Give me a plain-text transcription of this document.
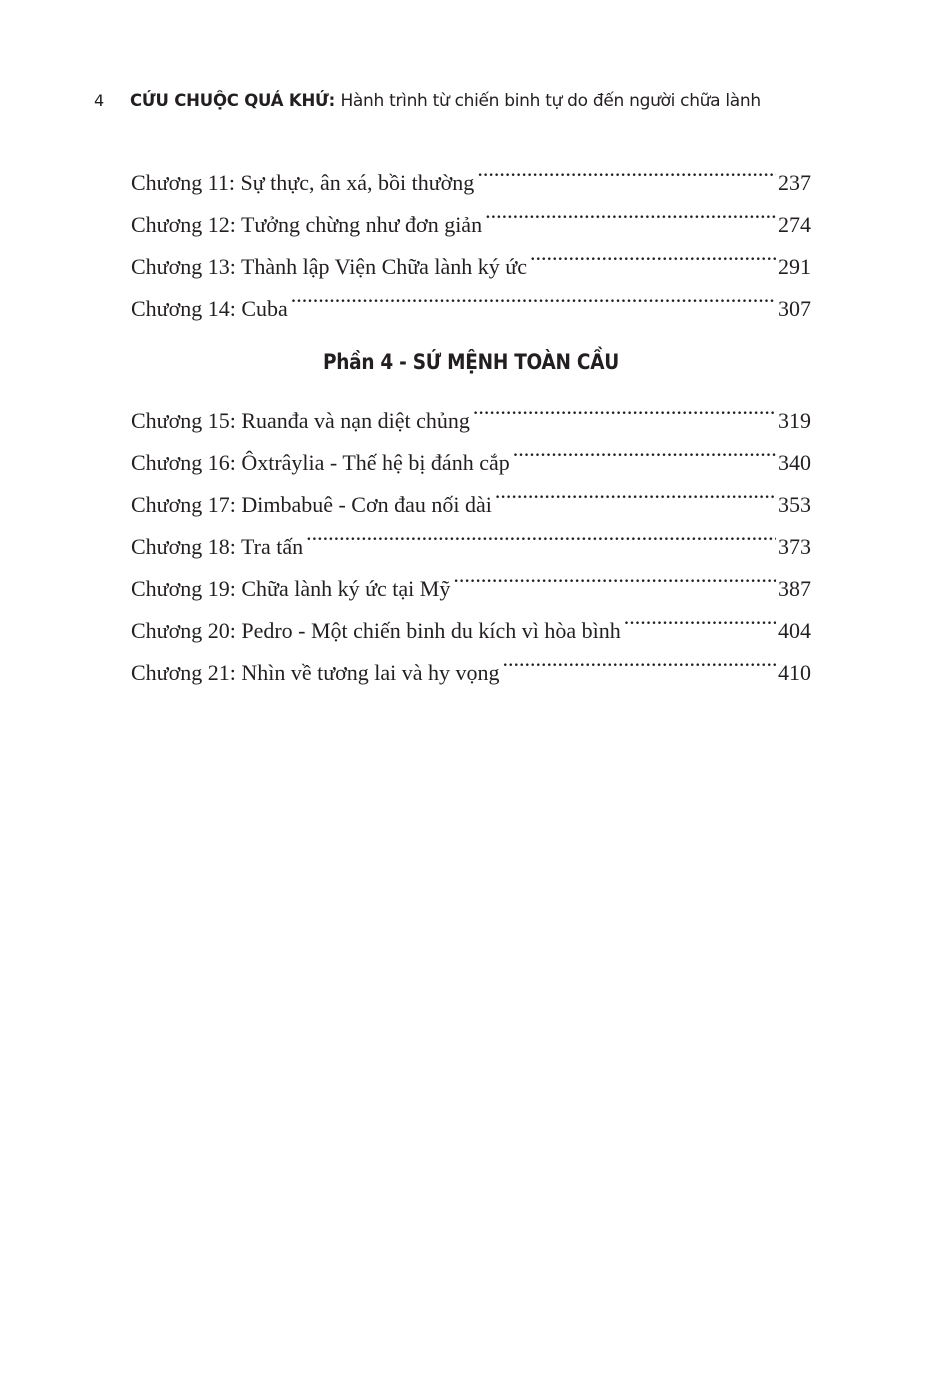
4 CỨU CHUỘC QUÁ KHỨ: Hành trình từ chiến binh tự do đến người chữa lành
Chương 11: Sự thực, ân xá, bồi thường .....	237
Chương 12: Tưởng chừng như đơn giản .....	274
Chương 13: Thành lập Viện Chữa lành ký ức .....	291
Chương 14: Cuba .....	307
Phần 4 - SỨ MỆNH TOÀN CẦU
Chương 15: Ruanđa và nạn diệt chủng .....	319
Chương 16: Ôxtrâylia - Thế hệ bị đánh cắp .....	340
Chương 17: Dimbabuê - Cơn đau nối dài .....	353
Chương 18: Tra tấn .....	373
Chương 19: Chữa lành ký ức tại Mỹ .....	387
Chương 20: Pedro - Một chiến binh du kích vì hòa bình .....	404
Chương 21: Nhìn về tương lai và hy vọng .....	410
